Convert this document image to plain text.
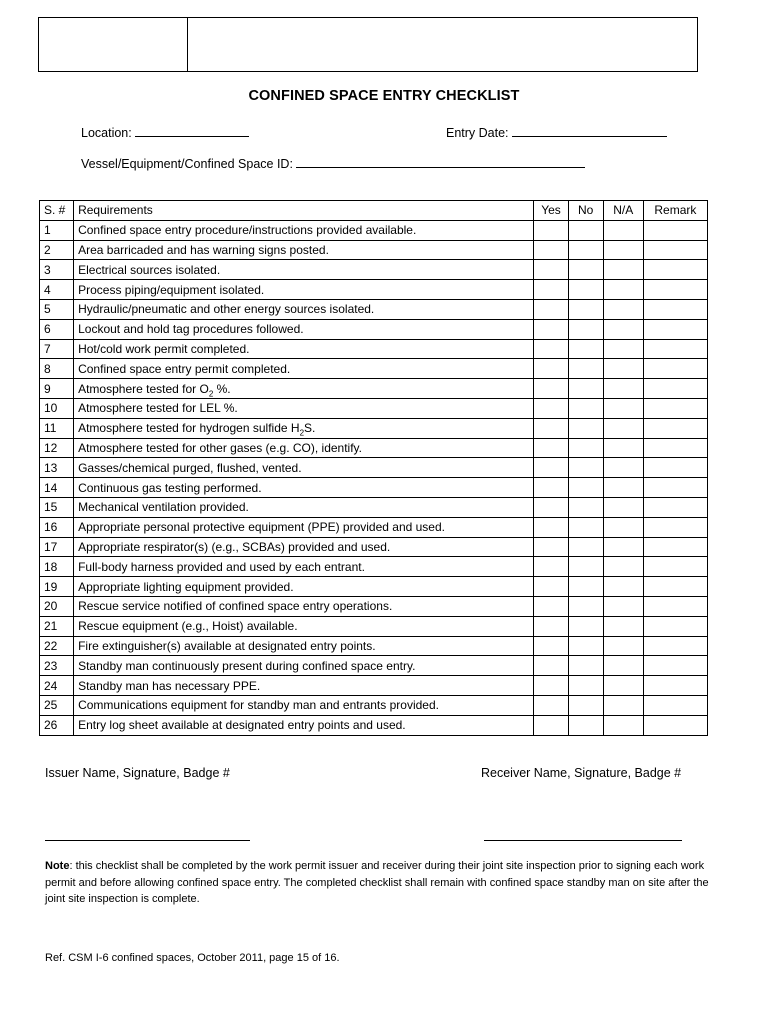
CONFINED SPACE ENTRY CHECKLIST
Location:	Entry Date:
Vessel/Equipment/Confined Space ID:
S. #	Requirements	Yes	No	N/A	Remark
1	Confined space entry procedure/instructions provided available.				
2	Area barricaded and has warning signs posted.				
3	Electrical sources isolated.				
4	Process piping/equipment isolated.				
5	Hydraulic/pneumatic and other energy sources isolated.				
6	Lockout and hold tag procedures followed.				
7	Hot/cold work permit completed.				
8	Confined space entry permit completed.				
9	Atmosphere tested for $O_2$ %.				
10	Atmosphere tested for LEL %.				
11	Atmosphere tested for hydrogen sulfide $H_2S$.				
12	Atmosphere tested for other gases (e.g. CO), identify.				
13	Gasses/chemical purged, flushed, vented.				
14	Continuous gas testing performed.				
15	Mechanical ventilation provided.				
16	Appropriate personal protective equipment (PPE) provided and used.				
17	Appropriate respirator(s) (e.g., SCBAs) provided and used.				
18	Full-body harness provided and used by each entrant.				
19	Appropriate lighting equipment provided.				
20	Rescue service notified of confined space entry operations.				
21	Rescue equipment (e.g., Hoist) available.				
22	Fire extinguisher(s) available at designated entry points.				
23	Standby man continuously present during confined space entry.				
24	Standby man has necessary PPE.				
25	Communications equipment for standby man and entrants provided.				
26	Entry log sheet available at designated entry points and used.				
Issuer Name, Signature, Badge #	Receiver Name, Signature, Badge #
Note: this checklist shall be completed by the work permit issuer and receiver during their joint site inspection prior to signing each work permit and before allowing confined space entry. The completed checklist shall remain with confined space standby man on site after the joint site inspection is complete.
Ref. CSM I-6 confined spaces, October 2011, page 15 of 16.
